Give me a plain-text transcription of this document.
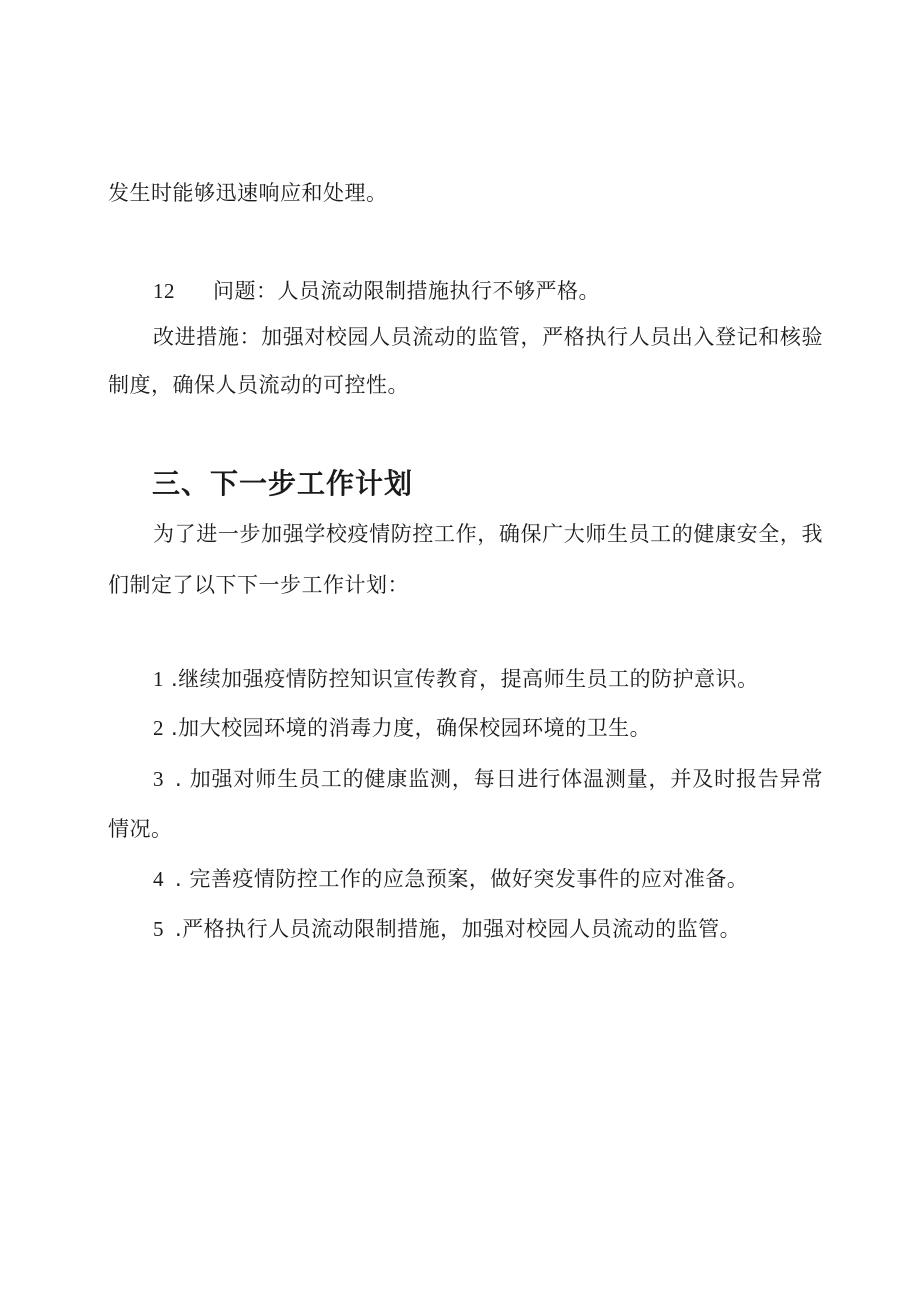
发生时能够迅速响应和处理。
12 问题：人员流动限制措施执行不够严格。
改进措施：加强对校园人员流动的监管，严格执行人员出入登记和核验
制度，确保人员流动的可控性。
三、下一步工作计划
为了进一步加强学校疫情防控工作，确保广大师生员工的健康安全，我
们制定了以下下一步工作计划：
1 .继续加强疫情防控知识宣传教育，提高师生员工的防护意识。
2 .加大校园环境的消毒力度，确保校园环境的卫生。
3 . 加强对师生员工的健康监测，每日进行体温测量，并及时报告异常
情况。
4 . 完善疫情防控工作的应急预案，做好突发事件的应对准备。
5 .严格执行人员流动限制措施，加强对校园人员流动的监管。
